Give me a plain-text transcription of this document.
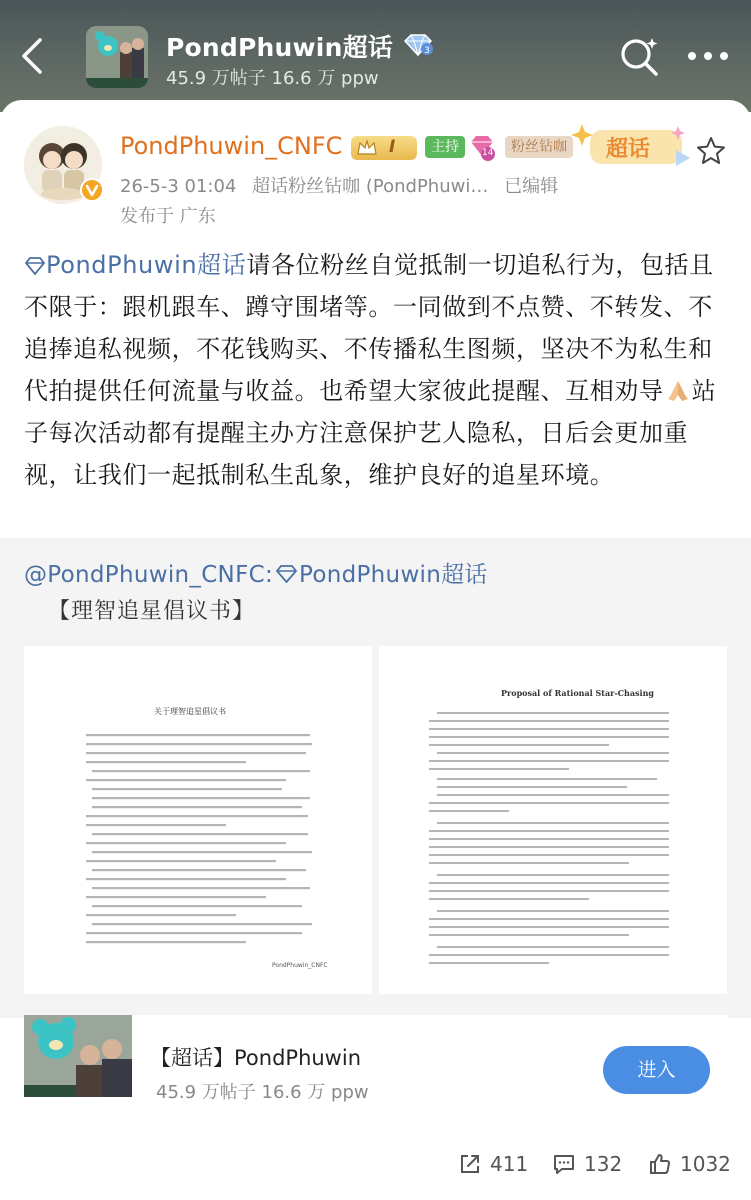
PondPhuwin超话	3
45.9 万帖子 16.6 万 ppw
PondPhuwin_CNFC	I	主持	14	粉丝钻咖 超话
26-5-3 01:04 超话粉丝钻咖 (PondPhuwi… 已编辑
发布于 广东
PondPhuwin超话请各位粉丝自觉抵制一切追私行为，包括且不限于：跟机跟车、蹲守围堵等。一同做到不点赞、不转发、不追捧追私视频，不花钱购买、不传播私生图频，坚决不为私生和代拍提供任何流量与收益。也希望大家彼此提醒、互相劝导 站子每次活动都有提醒主办方注意保护艺人隐私，日后会更加重视，让我们一起抵制私生乱象，维护良好的追星环境。
@PondPhuwin_CNFC: PondPhuwin超话
【理智追星倡议书】
关于理智追星倡议书
PondPhuwin_CNFC
Proposal of Rational Star-Chasing
【超话】PondPhuwin
45.9 万帖子 16.6 万 ppw
进入
411	132	1032
